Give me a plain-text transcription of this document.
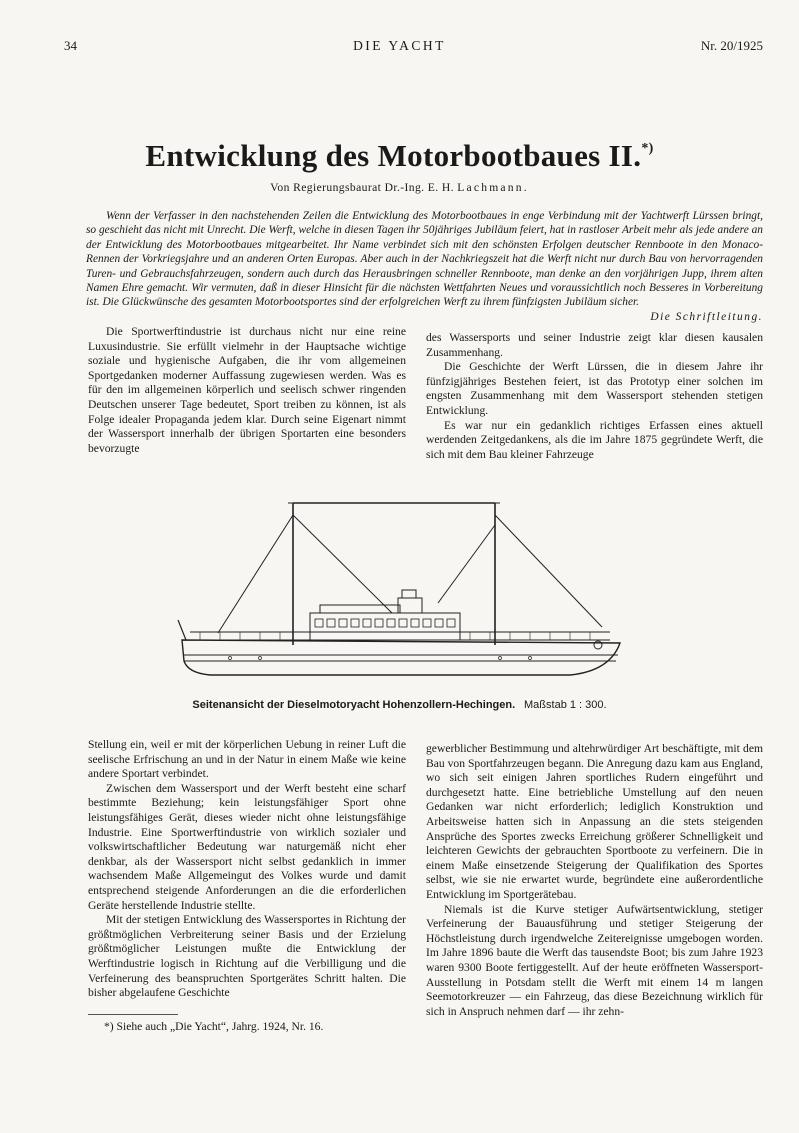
34	DIE YACHT	Nr. 20/1925
Entwicklung des Motorbootbaues II.*)
Von Regierungsbaurat Dr.-Ing. E. H. Lachmann.

Wenn der Verfasser in den nachstehenden Zeilen die Entwicklung des Motorbootbaues in enge Verbindung mit der Yachtwerft Lürssen bringt, so geschieht das nicht mit Unrecht. Die Werft, welche in diesen Tagen ihr 50jähriges Jubiläum feiert, hat in rastloser Arbeit mehr als jede andere an der Entwicklung des Motorbootbaues mitgearbeitet. Ihr Name verbindet sich mit den schönsten Erfolgen deutscher Rennboote in den Monaco-Rennen der Vorkriegsjahre und an anderen Orten Europas. Aber auch in der Nachkriegszeit hat die Werft nicht nur durch Bau von hervorragenden Turen- und Gebrauchsfahrzeugen, sondern auch durch das Herausbringen schneller Rennboote, man denke an den vorjährigen Jupp, ihrem alten Namen Ehre gemacht. Wir vermuten, daß in dieser Hinsicht für die nächsten Wettfahrten Neues und voraussichtlich noch Besseres in Vorbereitung ist. Die Glückwünsche des gesamten Motorbootsportes sind der erfolgreichen Werft zu ihrem fünfzigsten Jubiläum sicher.
Die Schriftleitung.

Die Sportwerftindustrie ist durchaus nicht nur eine reine Luxusindustrie. Sie erfüllt vielmehr in der Hauptsache wichtige soziale und hygienische Aufgaben, die ihr vom allgemeinen Sportgedanken moderner Auffassung zugewiesen werden. Was es für den im allgemeinen körperlich und seelisch schwer ringenden Deutschen unserer Tage bedeutet, Sport treiben zu können, ist als Folge idealer Propaganda jedem klar. Durch seine Eigenart nimmt der Wassersport innerhalb der übrigen Sportarten eine besonders bevorzugte

des Wassersports und seiner Industrie zeigt klar diesen kausalen Zusammenhang.

Die Geschichte der Werft Lürssen, die in diesem Jahre ihr fünfzigjähriges Bestehen feiert, ist das Prototyp einer solchen im engsten Zusammenhang mit dem Wassersport stehenden stetigen Entwicklung.

Es war nur ein gedanklich richtiges Erfassen eines aktuell werdenden Zeitgedankens, als die im Jahre 1875 gegründete Werft, die sich mit dem Bau kleiner Fahrzeuge

Seitenansicht der Dieselmotoryacht Hohenzollern-Hechingen. Maßstab 1 : 300.

Stellung ein, weil er mit der körperlichen Uebung in reiner Luft die seelische Erfrischung an und in der Natur in einem Maße wie keine andere Sportart verbindet.

Zwischen dem Wassersport und der Werft besteht eine scharf bestimmte Beziehung; kein leistungsfähiger Sport ohne leistungsfähiges Gerät, dieses wieder nicht ohne leistungsfähige Industrie. Eine Sportwerftindustrie von wirklich sozialer und volkswirtschaftlicher Bedeutung war naturgemäß nicht eher denkbar, als der Wassersport nicht selbst gedanklich in immer wachsendem Maße Allgemeingut des Volkes wurde und damit entsprechend steigende Anforderungen an die die erforderlichen Geräte herstellende Industrie stellte.

Mit der stetigen Entwicklung des Wassersportes in Richtung der größtmöglichen Verbreiterung seiner Basis und der Erzielung größtmöglicher Leistungen mußte die Entwicklung der Werftindustrie logisch in Richtung auf die Verbilligung und die Verfeinerung des beanspruchten Sportgerätes Schritt halten. Die bisher abgelaufene Geschichte

gewerblicher Bestimmung und altehrwürdiger Art beschäftigte, mit dem Bau von Sportfahrzeugen begann. Die Anregung dazu kam aus England, wo sich seit einigen Jahren sportliches Rudern eingeführt und durchgesetzt hatte. Eine betriebliche Umstellung auf den neuen Gedanken war nicht erforderlich; lediglich Konstruktion und Arbeitsweise hatten sich in Anpassung an die stets steigenden Ansprüche des Sportes zwecks Erreichung größerer Schnelligkeit und leichteren Gewichts der gebrauchten Sportboote zu verfeinern. Die in einem Maße einsetzende Steigerung der Qualifikation des Sportes selbst, wie sie nie erwartet wurde, begründete eine außerordentliche Entwicklung im Sportgerätebau.

Niemals ist die Kurve stetiger Aufwärtsentwicklung, stetiger Verfeinerung der Bauausführung und stetiger Steigerung der Höchstleistung durch irgendwelche Zeitereignisse umgebogen worden. Im Jahre 1896 baute die Werft das tausendste Boot; bis zum Jahre 1923 waren 9300 Boote fertiggestellt. Auf der heute eröffneten Wassersport-Ausstellung in Potsdam stellt die Werft mit einem 14 m langen Seemotorkreuzer — ein Fahrzeug, das diese Bezeichnung wirklich für sich in Anspruch nehmen darf — ihr zehn-

*) Siehe auch „Die Yacht“, Jahrg. 1924, Nr. 16.
